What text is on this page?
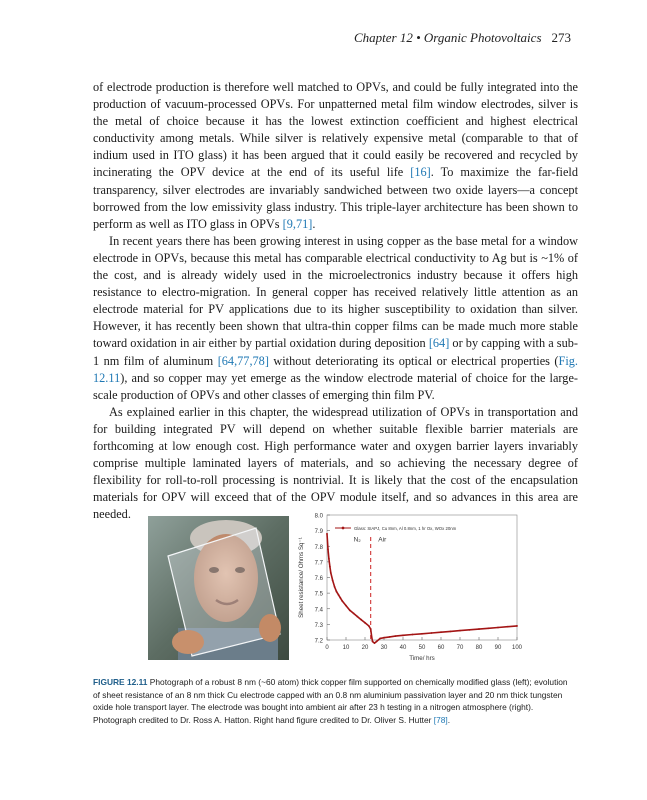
Chapter 12 • Organic Photovoltaics 273

of electrode production is therefore well matched to OPVs, and could be fully integrated into the production of vacuum-processed OPVs. For unpatterned metal film window electrodes, silver is the metal of choice because it has the lowest extinction coefficient and highest electrical conductivity among metals. While silver is relatively expensive metal (comparable to that of indium used in ITO glass) it has been argued that it could easily be recovered and recycled by incinerating the OPV device at the end of its useful life [16]. To maximize the far-field transparency, silver electrodes are invariably sandwiched between two oxide layers—a concept borrowed from the low emissivity glass industry. This triple-layer architecture has been shown to perform as well as ITO glass in OPVs [9,71].

In recent years there has been growing interest in using copper as the base metal for a window electrode in OPVs, because this metal has comparable electrical conductivity to Ag but is ~1% of the cost, and is already widely used in the microelectronics industry because it offers high resistance to electro-migration. In general copper has received relatively little attention as an electrode material for PV applications due to its higher susceptibility to oxidation than silver. However, it has recently been shown that ultra-thin copper films can be made much more stable toward oxidation in air either by partial oxidation during deposition [64] or by capping with a sub-1 nm film of aluminum [64,77,78] without deteriorating its optical or electrical properties (Fig. 12.11), and so copper may yet emerge as the window electrode material of choice for the large-scale production of OPVs and other classes of emerging thin film PV.

As explained earlier in this chapter, the widespread utilization of OPVs in transportation and for building integrated PV will depend on whether suitable flexible barrier materials are forthcoming at low enough cost. High performance water and oxygen barrier layers invariably comprise multiple laminated layers of materials, and so achieving the necessary degree of flexibility for roll-to-roll processing is nontrivial. It is likely that the cost of the encapsulation materials for OPV will exceed that of the OPV module itself, and so advances in this area are needed.

7.2
7.3
7.4
7.5
7.6
7.7
7.8
7.9
8.0
0 10 20 30 40 50 60 70 80 90 100
Time/ hrs
Sheet resistance/ Ohms Sq⁻¹	N₂	Air
Glass: SIAPJ, Cu 8nm, Al 0.8nm, 1 hr Ox, WOx 20nm
FIGURE 12.11 Photograph of a robust 8 nm (~60 atom) thick copper film supported on chemically modified glass (left); evolution of sheet resistance of an 8 nm thick Cu electrode capped with an 0.8 nm aluminium passivation layer and 20 nm thick tungsten oxide hole transport layer. The electrode was bought into ambient air after 23 h testing in a nitrogen atmosphere (right). Photograph credited to Dr. Ross A. Hatton. Right hand figure credited to Dr. Oliver S. Hutter [78].
